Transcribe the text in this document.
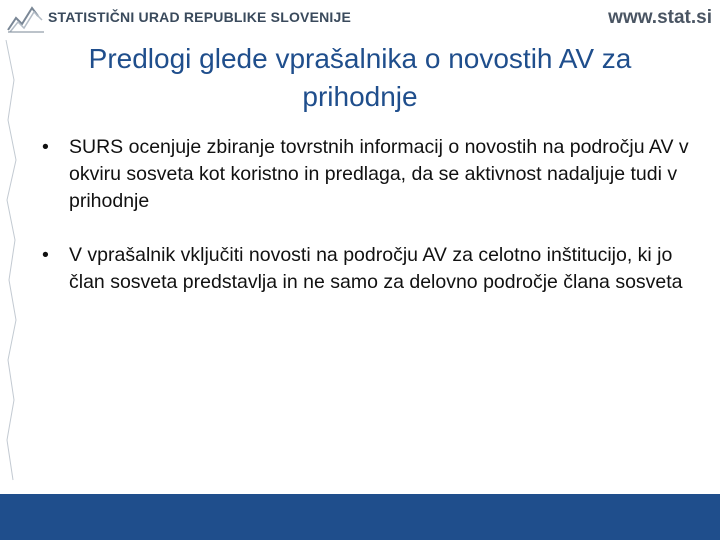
STATISTIČNI URAD REPUBLIKE SLOVENIJE	www.stat.si
Predlogi glede vprašalnika o novostih AV za prihodnje
• SURS ocenjuje zbiranje tovrstnih informacij o novostih na področju AV v okviru sosveta kot koristno in predlaga, da se aktivnost nadaljuje tudi v prihodnje
• V vprašalnik vključiti novosti na področju AV za celotno inštitucijo, ki jo član sosveta predstavlja in ne samo za delovno področje člana sosveta
